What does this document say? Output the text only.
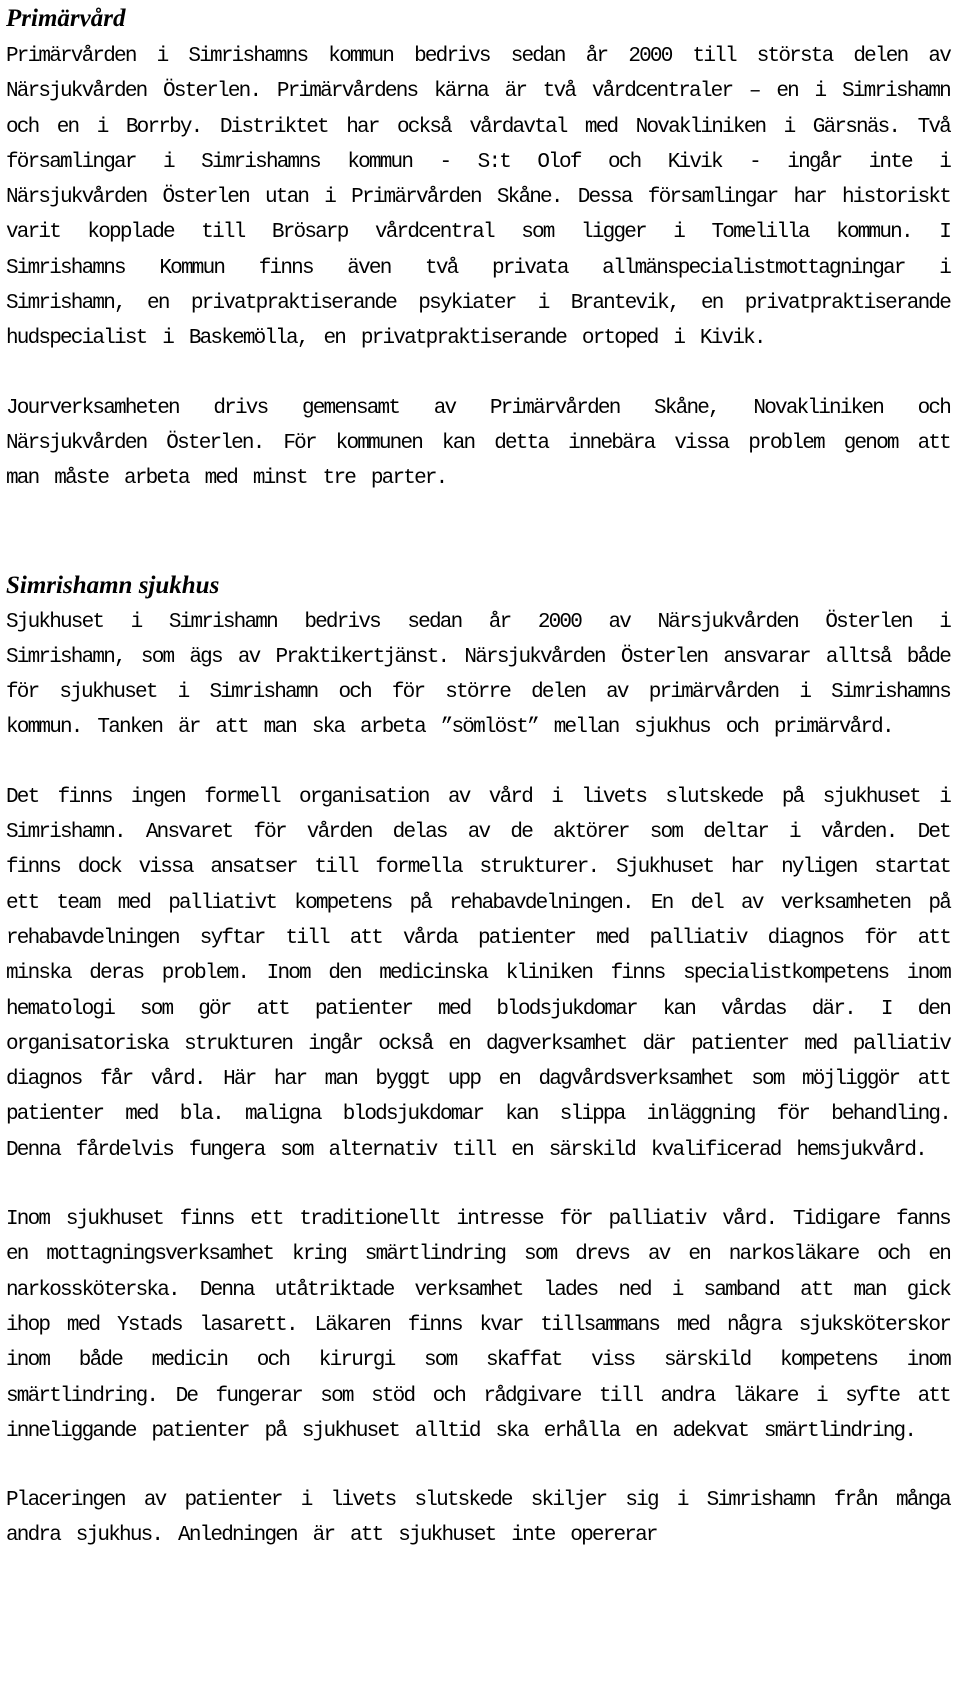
Primärvård

Primärvården i Simrishamns kommun bedrivs sedan år 2000 till största delen av Närsjukvården Österlen. Primärvårdens kärna är två vårdcentraler – en i Simrishamn och en i Borrby. Distriktet har också vårdavtal med Novakliniken i Gärsnäs. Två församlingar i Simrishamns kommun - S:t Olof och Kivik - ingår inte i Närsjukvården Österlen utan i Primärvården Skåne. Dessa församlingar har historiskt varit kopplade till Brösarp vårdcentral som ligger i Tomelilla kommun. I Simrishamns Kommun finns även två privata allmänspecialistmottagningar i Simrishamn, en privatpraktiserande psykiater i Brantevik, en privatpraktiserande hudspecialist i Baskemölla, en privatpraktiserande ortoped i Kivik.

Jourverksamheten drivs gemensamt av Primärvården Skåne, Novakliniken och Närsjukvården Österlen. För kommunen kan detta innebära vissa problem genom att man måste arbeta med minst tre parter.

Simrishamn sjukhus

Sjukhuset i Simrishamn bedrivs sedan år 2000 av Närsjukvården Österlen i Simrishamn, som ägs av Praktikertjänst. Närsjukvården Österlen ansvarar alltså både för sjukhuset i Simrishamn och för större delen av primärvården i Simrishamns kommun. Tanken är att man ska arbeta ”sömlöst” mellan sjukhus och primärvård.

Det finns ingen formell organisation av vård i livets slutskede på sjukhuset i Simrishamn. Ansvaret för vården delas av de aktörer som deltar i vården. Det finns dock vissa ansatser till formella strukturer. Sjukhuset har nyligen startat ett team med palliativt kompetens på rehabavdelningen. En del av verksamheten på rehabavdelningen syftar till att vårda patienter med palliativ diagnos för att minska deras problem. Inom den medicinska kliniken finns specialistkompetens inom hematologi som gör att patienter med blodsjukdomar kan vårdas där. I den organisatoriska strukturen ingår också en dagverksamhet där patienter med palliativ diagnos får vård. Här har man byggt upp en dagvårdsverksamhet som möjliggör att patienter med bla. maligna blodsjukdomar kan slippa inläggning för behandling. Denna fårdelvis fungera som alternativ till en särskild kvalificerad hemsjukvård.

Inom sjukhuset finns ett traditionellt intresse för palliativ vård. Tidigare fanns en mottagningsverksamhet kring smärtlindring som drevs av en narkosläkare och en narkossköterska. Denna utåtriktade verksamhet lades ned i samband att man gick ihop med Ystads lasarett. Läkaren finns kvar tillsammans med några sjuksköterskor inom både medicin och kirurgi som skaffat viss särskild kompetens inom smärtlindring. De fungerar som stöd och rådgivare till andra läkare i syfte att inneliggande patienter på sjukhuset alltid ska erhålla en adekvat smärtlindring.

Placeringen av patienter i livets slutskede skiljer sig i Simrishamn från många andra sjukhus. Anledningen är att sjukhuset inte opererar
